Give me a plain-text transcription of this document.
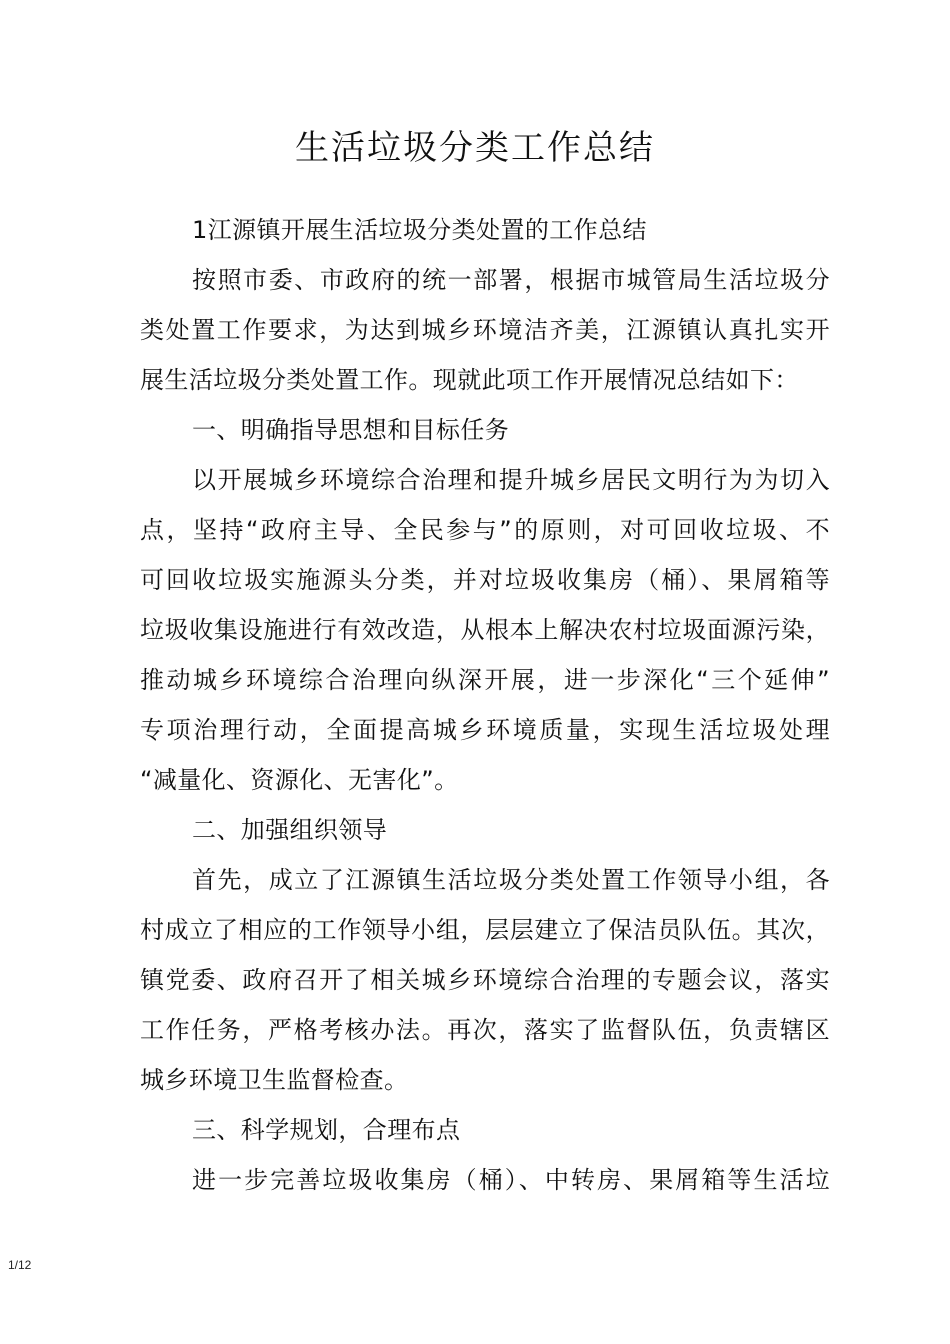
生活垃圾分类工作总结
1江源镇开展生活垃圾分类处置的工作总结
按照市委、市政府的统一部署，根据市城管局生活垃圾分
类处置工作要求，为达到城乡环境洁齐美，江源镇认真扎实开
展生活垃圾分类处置工作。现就此项工作开展情况总结如下：
一、明确指导思想和目标任务
以开展城乡环境综合治理和提升城乡居民文明行为为切入
点，坚持“政府主导、全民参与”的原则，对可回收垃圾、不
可回收垃圾实施源头分类，并对垃圾收集房（桶）、果屑箱等
垃圾收集设施进行有效改造，从根本上解决农村垃圾面源污染，
推动城乡环境综合治理向纵深开展，进一步深化“三个延伸”
专项治理行动，全面提高城乡环境质量，实现生活垃圾处理
“减量化、资源化、无害化”。
二、加强组织领导
首先，成立了江源镇生活垃圾分类处置工作领导小组，各
村成立了相应的工作领导小组，层层建立了保洁员队伍。其次，
镇党委、政府召开了相关城乡环境综合治理的专题会议，落实
工作任务，严格考核办法。再次，落实了监督队伍，负责辖区
城乡环境卫生监督检查。
三、科学规划，合理布点
进一步完善垃圾收集房（桶）、中转房、果屑箱等生活垃
1/12
